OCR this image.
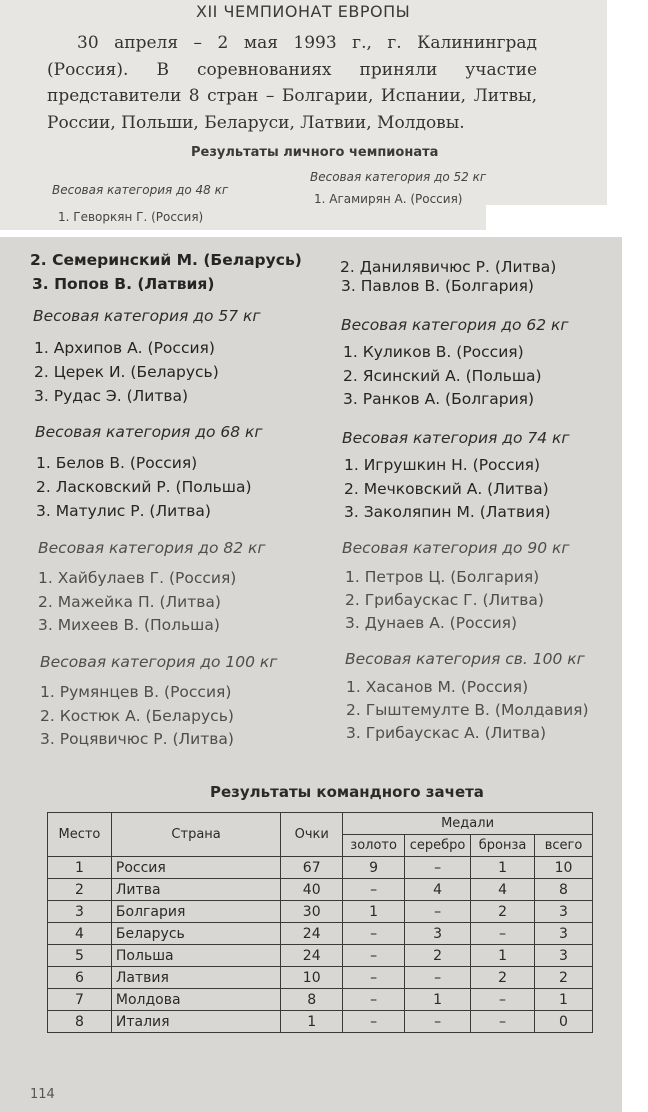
XII ЧЕМПИОНАТ ЕВРОПЫ
30 апреля – 2 мая 1993 г., г. Калининград (Россия). В соревнованиях приняли участие представители 8 стран – Болгарии, Испании, Литвы, России, Польши, Беларуси, Латвии, Молдовы.
Результаты личного чемпионата
Весовая категория до 48 кг
Весовая категория до 52 кг
1. Геворкян Г. (Россия)
1. Агамирян А. (Россия)
2. Семеринский М. (Беларусь)
3. Попов В. (Латвия)
2. Данилявичюс Р. (Литва)
3. Павлов В. (Болгария)
Весовая категория до 57 кг
1. Архипов А. (Россия)
2. Церек И. (Беларусь)
3. Рудас Э. (Литва)
Весовая категория до 62 кг
1. Куликов В. (Россия)
2. Ясинский А. (Польша)
3. Ранков А. (Болгария)
Весовая категория до 68 кг
1. Белов В. (Россия)
2. Ласковский Р. (Польша)
3. Матулис Р. (Литва)
Весовая категория до 74 кг
1. Игрушкин Н. (Россия)
2. Мечковский А. (Литва)
3. Заколяпин М. (Латвия)
Весовая категория до 82 кг
1. Хайбулаев Г. (Россия)
2. Мажейка П. (Литва)
3. Михеев В. (Польша)
Весовая категория до 90 кг
1. Петров Ц. (Болгария)
2. Грибаускас Г. (Литва)
3. Дунаев А. (Россия)
Весовая категория до 100 кг
1. Румянцев В. (Россия)
2. Костюк А. (Беларусь)
3. Роцявичюс Р. (Литва)
Весовая категория св. 100 кг
1. Хасанов М. (Россия)
2. Гыштемулте В. (Молдавия)
3. Грибаускас А. (Литва)
Результаты командного зачета
Место	Страна	Очки	Медали			
			золото	серебро	бронза	всего
1	Россия	67	9	–	1	10
2	Литва	40	–	4	4	8
3	Болгария	30	1	–	2	3
4	Беларусь	24	–	3	–	3
5	Польша	24	–	2	1	3
6	Латвия	10	–	–	2	2
7	Молдова	8	–	1	–	1
8	Италия	1	–	–	–	0
114
